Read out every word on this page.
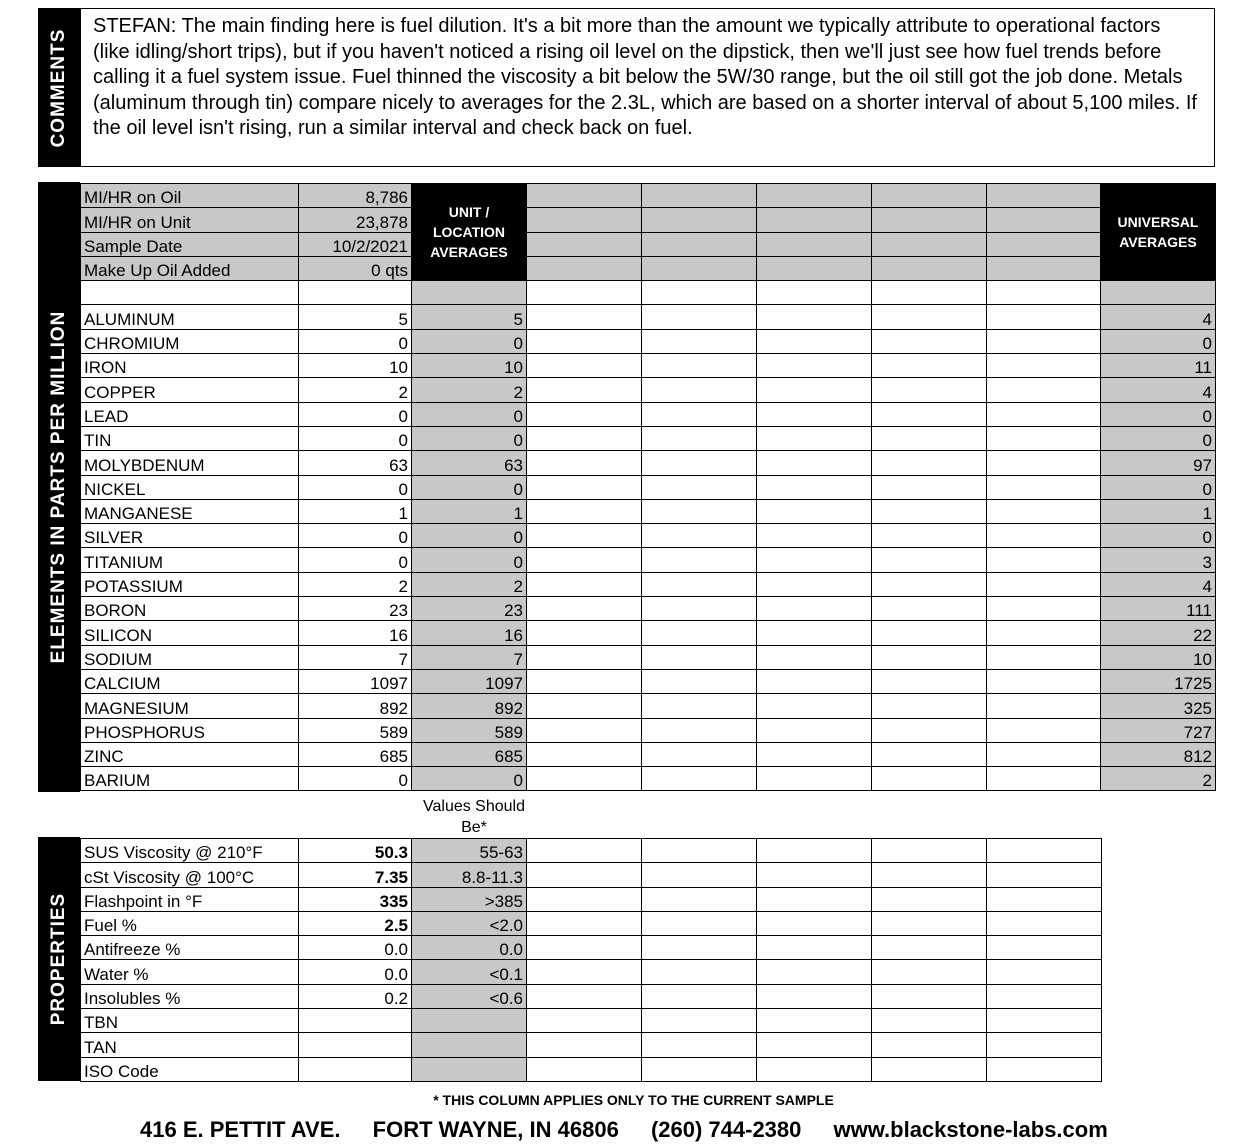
COMMENTS
STEFAN: The main finding here is fuel dilution. It's a bit more than the amount we typically attribute to operational factors (like idling/short trips), but if you haven't noticed a rising oil level on the dipstick, then we'll just see how fuel trends before calling it a fuel system issue. Fuel thinned the viscosity a bit below the 5W/30 range, but the oil still got the job done. Metals (aluminum through tin) compare nicely to averages for the 2.3L, which are based on a shorter interval of about 5,100 miles. If the oil level isn't rising, run a similar interval and check back on fuel.
ELEMENTS IN PARTS PER MILLION
MI/HR on Oil	8,786	UNIT / LOCATION AVERAGES						UNIVERSAL AVERAGES
MI/HR on Unit	23,878							
Sample Date	10/2/2021							
Make Up Oil Added	0 qts							

ALUMINUM	5	5						4
CHROMIUM	0	0						0
IRON	10	10						11
COPPER	2	2						4
LEAD	0	0						0
TIN	0	0						0
MOLYBDENUM	63	63						97
NICKEL	0	0						0
MANGANESE	1	1						1
SILVER	0	0						0
TITANIUM	0	0						3
POTASSIUM	2	2						4
BORON	23	23						111
SILICON	16	16						22
SODIUM	7	7						10
CALCIUM	1097	1097						1725
MAGNESIUM	892	892						325
PHOSPHORUS	589	589						727
ZINC	685	685						812
BARIUM	0	0						2
Values Should Be*
PROPERTIES
SUS Viscosity @ 210°F	50.3	55-63					
cSt Viscosity @ 100°C	7.35	8.8-11.3					
Flashpoint in °F	335	>385					
Fuel %	2.5	<2.0					
Antifreeze %	0.0	0.0					
Water %	0.0	<0.1					
Insolubles %	0.2	<0.6					
TBN							
TAN							
ISO Code							
* THIS COLUMN APPLIES ONLY TO THE CURRENT SAMPLE
416 E. PETTIT AVE. FORT WAYNE, IN 46806 (260) 744-2380 www.blackstone-labs.com
